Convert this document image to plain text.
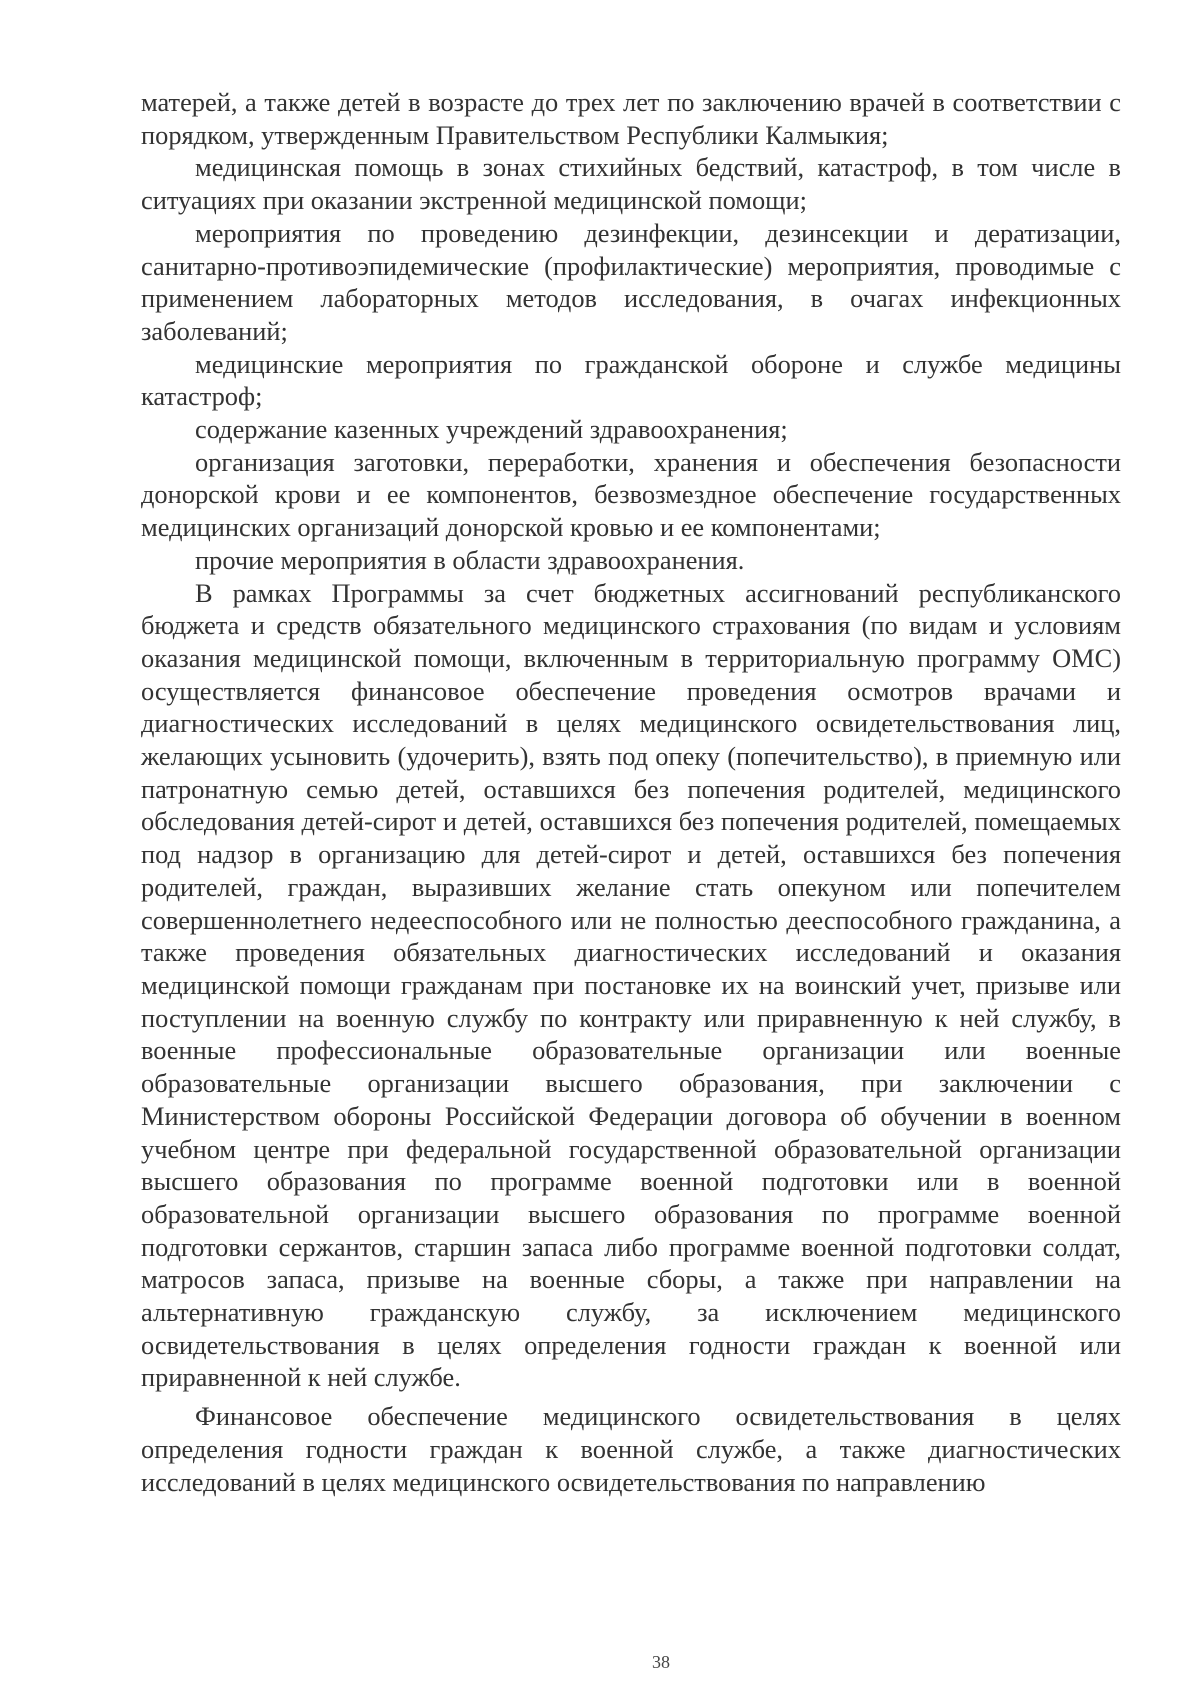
матерей, а также детей в возрасте до трех лет по заключению врачей в соответствии с порядком, утвержденным Правительством Республики Калмыкия;

медицинская помощь в зонах стихийных бедствий, катастроф, в том числе в ситуациях при оказании экстренной медицинской помощи;

мероприятия по проведению дезинфекции, дезинсекции и дератизации, санитарно-противоэпидемические (профилактические) мероприятия, проводимые с применением лабораторных методов исследования, в очагах инфекционных заболеваний;

медицинские мероприятия по гражданской обороне и службе медицины катастроф;

содержание казенных учреждений здравоохранения;

организация заготовки, переработки, хранения и обеспечения безопасности донорской крови и ее компонентов, безвозмездное обеспечение государственных медицинских организаций донорской кровью и ее компонентами;

прочие мероприятия в области здравоохранения.

В рамках Программы за счет бюджетных ассигнований республиканского бюджета и средств обязательного медицинского страхования (по видам и условиям оказания медицинской помощи, включенным в территориальную программу ОМС) осуществляется финансовое обеспечение проведения осмотров врачами и диагностических исследований в целях медицинского освидетельствования лиц, желающих усыновить (удочерить), взять под опеку (попечительство), в приемную или патронатную семью детей, оставшихся без попечения родителей, медицинского обследования детей-сирот и детей, оставшихся без попечения родителей, помещаемых под надзор в организацию для детей-сирот и детей, оставшихся без попечения родителей, граждан, выразивших желание стать опекуном или попечителем совершеннолетнего недееспособного или не полностью дееспособного гражданина, а также проведения обязательных диагностических исследований и оказания медицинской помощи гражданам при постановке их на воинский учет, призыве или поступлении на военную службу по контракту или приравненную к ней службу, в военные профессиональные образовательные организации или военные образовательные организации высшего образования, при заключении с Министерством обороны Российской Федерации договора об обучении в военном учебном центре при федеральной государственной образовательной организации высшего образования по программе военной подготовки или в военной образовательной организации высшего образования по программе военной подготовки сержантов, старшин запаса либо программе военной подготовки солдат, матросов запаса, призыве на военные сборы, а также при направлении на альтернативную гражданскую службу, за исключением медицинского освидетельствования в целях определения годности граждан к военной или приравненной к ней службе.

Финансовое обеспечение медицинского освидетельствования в целях определения годности граждан к военной службе, а также диагностических исследований в целях медицинского освидетельствования по направлению

38
